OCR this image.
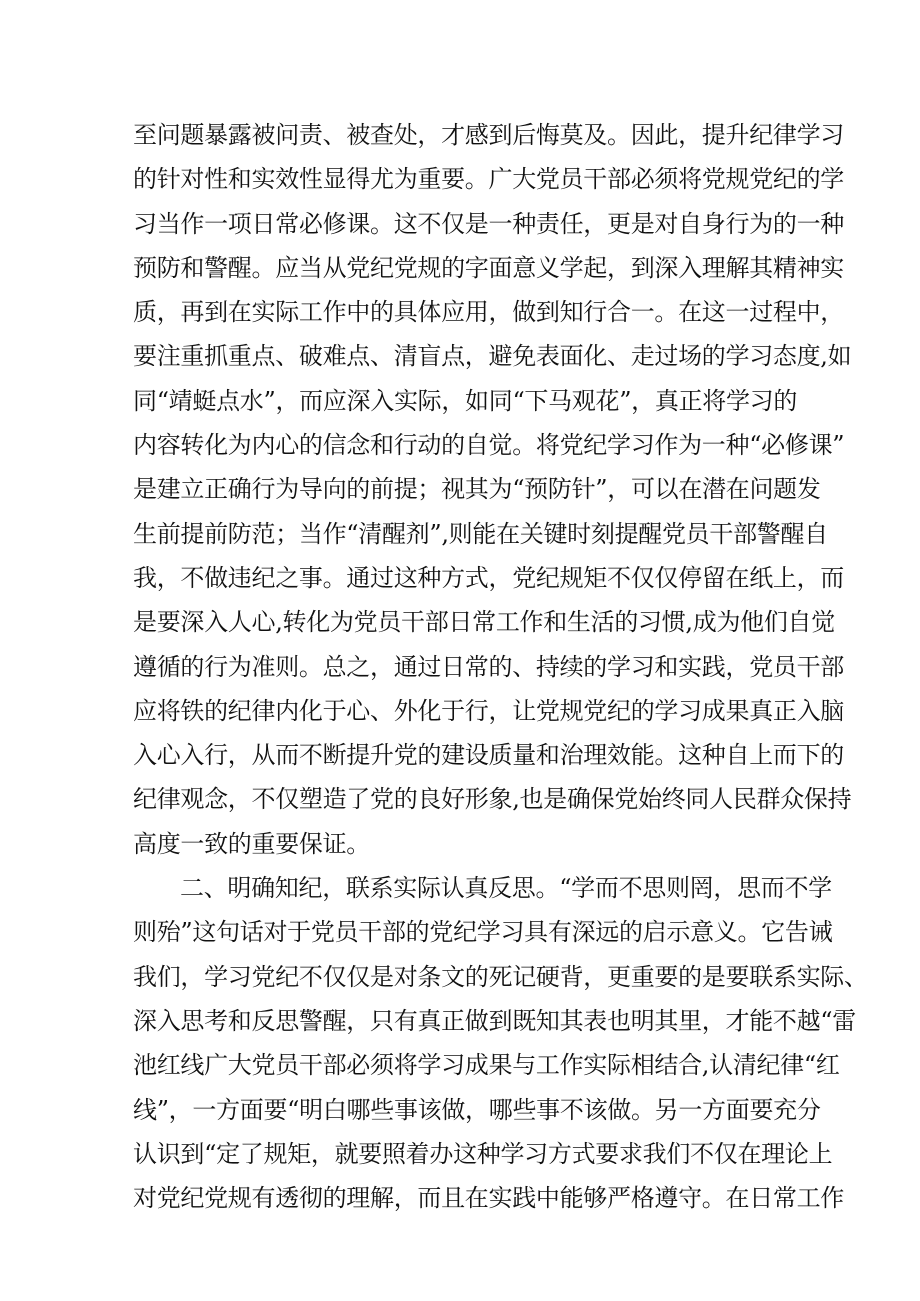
至问题暴露被问责、被查处，才感到后悔莫及。因此，提升纪律学习
的针对性和实效性显得尤为重要。广大党员干部必须将党规党纪的学
习当作一项日常必修课。这不仅是一种责任，更是对自身行为的一种
预防和警醒。应当从党纪党规的字面意义学起，到深入理解其精神实
质，再到在实际工作中的具体应用，做到知行合一。在这一过程中，
要注重抓重点、破难点、清盲点，避免表面化、走过场的学习态度,如
同“靖蜓点水”，而应深入实际，如同“下马观花”，真正将学习的
内容转化为内心的信念和行动的自觉。将党纪学习作为一种“必修课”
是建立正确行为导向的前提；视其为“预防针”，可以在潜在问题发
生前提前防范；当作“清醒剂”,则能在关键时刻提醒党员干部警醒自
我，不做违纪之事。通过这种方式，党纪规矩不仅仅停留在纸上，而
是要深入人心,转化为党员干部日常工作和生活的习惯,成为他们自觉
遵循的行为准则。总之，通过日常的、持续的学习和实践，党员干部
应将铁的纪律内化于心、外化于行，让党规党纪的学习成果真正入脑
入心入行，从而不断提升党的建设质量和治理效能。这种自上而下的
纪律观念，不仅塑造了党的良好形象,也是确保党始终同人民群众保持
高度一致的重要保证。
二、明确知纪，联系实际认真反思。“学而不思则罔，思而不学
则殆”这句话对于党员干部的党纪学习具有深远的启示意义。它告诫
我们，学习党纪不仅仅是对条文的死记硬背，更重要的是要联系实际、
深入思考和反思警醒，只有真正做到既知其表也明其里，才能不越“雷
池红线广大党员干部必须将学习成果与工作实际相结合,认清纪律“红
线”，一方面要“明白哪些事该做，哪些事不该做。另一方面要充分
认识到“定了规矩，就要照着办这种学习方式要求我们不仅在理论上
对党纪党规有透彻的理解，而且在实践中能够严格遵守。在日常工作
